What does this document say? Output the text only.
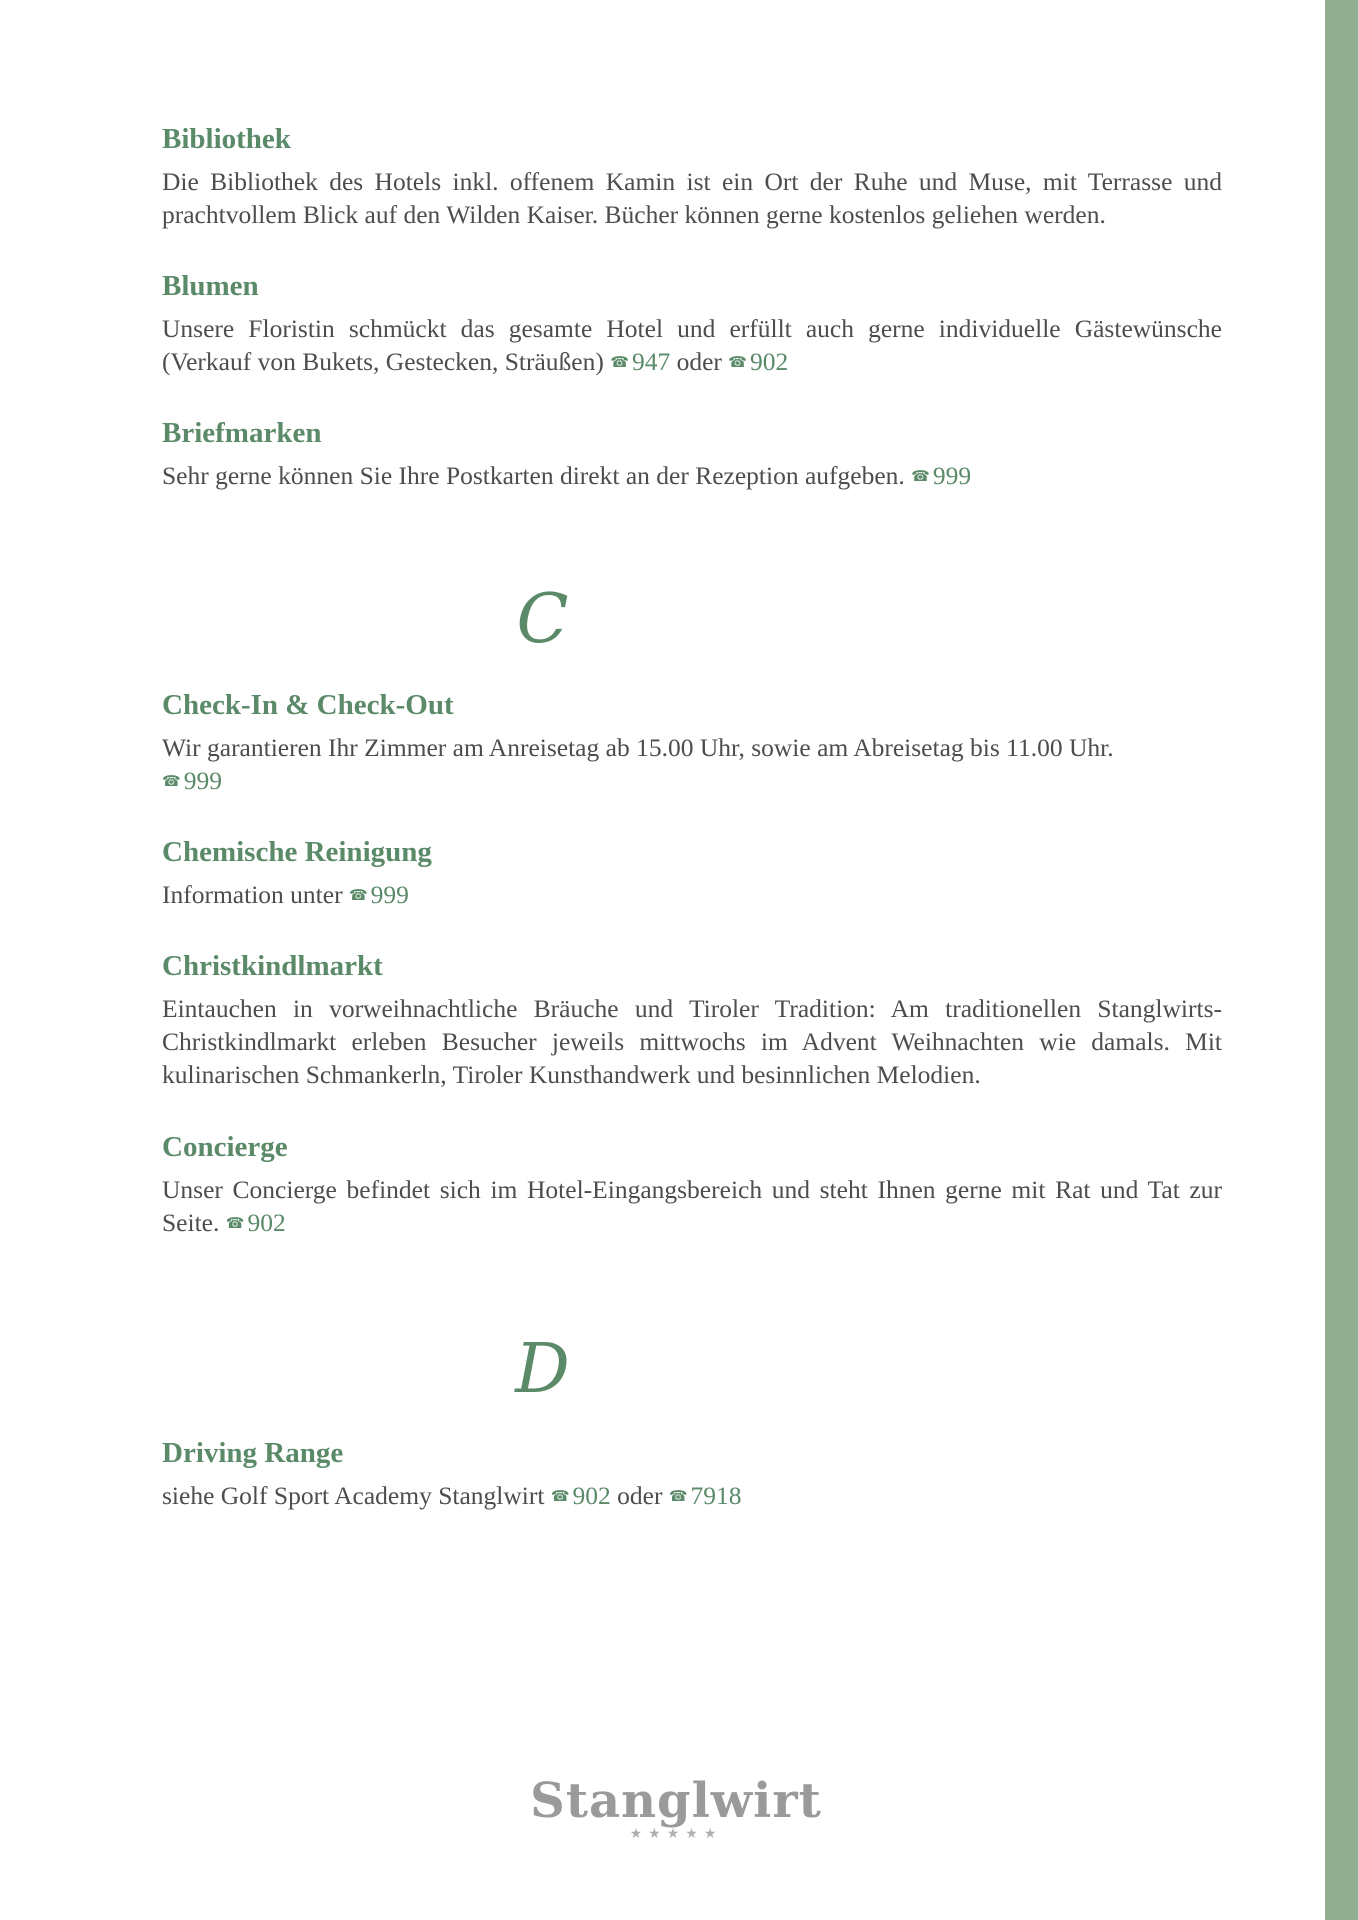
Bibliothek

Die Bibliothek des Hotels inkl. offenem Kamin ist ein Ort der Ruhe und Muse, mit Terrasse und prachtvollem Blick auf den Wilden Kaiser. Bücher können gerne kostenlos geliehen werden.

Blumen

Unsere Floristin schmückt das gesamte Hotel und erfüllt auch gerne individuelle Gästewünsche (Verkauf von Bukets, Gestecken, Sträußen) ☎ 947 oder ☎ 902

Briefmarken

Sehr gerne können Sie Ihre Postkarten direkt an der Rezeption aufgeben. ☎ 999

Check-In & Check-Out

Wir garantieren Ihr Zimmer am Anreisetag ab 15.00 Uhr, sowie am Abreisetag bis 11.00 Uhr.
☎ 999

Chemische Reinigung

Information unter ☎ 999

Christkindlmarkt

Eintauchen in vorweihnachtliche Bräuche und Tiroler Tradition: Am traditionellen Stanglwirts-Christkindlmarkt erleben Besucher jeweils mittwochs im Advent Weihnachten wie damals. Mit kulinarischen Schmankerln, Tiroler Kunsthandwerk und besinnlichen Melodien.

Concierge

Unser Concierge befindet sich im Hotel-Eingangsbereich und steht Ihnen gerne mit Rat und Tat zur Seite. ☎ 902

Driving Range

siehe Golf Sport Academy Stanglwirt ☎ 902 oder ☎ 7918

C
D
Stanglwirt
★★★★★
